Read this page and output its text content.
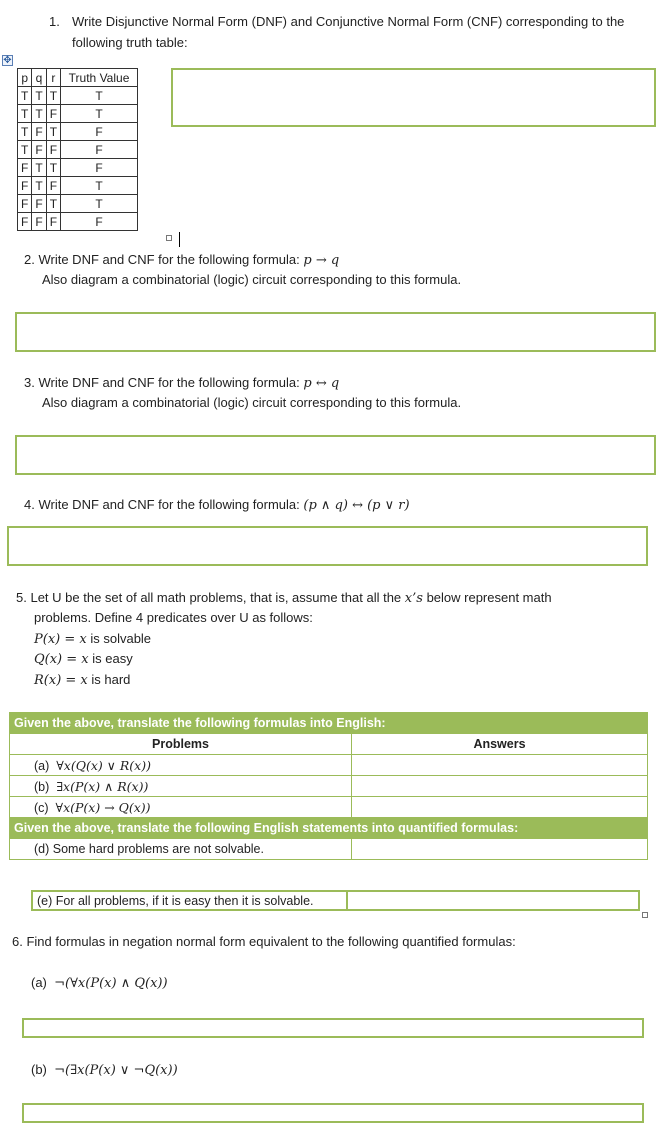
1. Write Disjunctive Normal Form (DNF) and Conjunctive Normal Form (CNF) corresponding to the
following truth table:
✥
p	q	r	Truth Value
T	T	T	T
T	T	F	T
T	F	T	F
T	F	F	F
F	T	T	F
F	T	F	T
F	F	T	T
F	F	F	F
2. Write DNF and CNF for the following formula: p → q
Also diagram a combinatorial (logic) circuit corresponding to this formula.
3. Write DNF and CNF for the following formula: p ↔ q
Also diagram a combinatorial (logic) circuit corresponding to this formula.
4. Write DNF and CNF for the following formula: (p ∧ q) ↔ (p ∨ r)
5. Let U be the set of all math problems, that is, assume that all the x’s below represent math
problems. Define 4 predicates over U as follows:
P(x) = x is solvable
Q(x) = x is easy
R(x) = x is hard
Given the above, translate the following formulas into English:	
Problems	Answers
(a) ∀x(Q(x) ∨ R(x))	
(b) ∃x(P(x) ∧ R(x))	
(c) ∀x(P(x) → Q(x))	
Given the above, translate the following English statements into quantified formulas:	
(d) Some hard problems are not solvable.	
(e) For all problems, if it is easy then it is solvable.	
6. Find formulas in negation normal form equivalent to the following quantified formulas:
(a) ¬(∀x(P(x) ∧ Q(x))
(b) ¬(∃x(P(x) ∨ ¬Q(x))
